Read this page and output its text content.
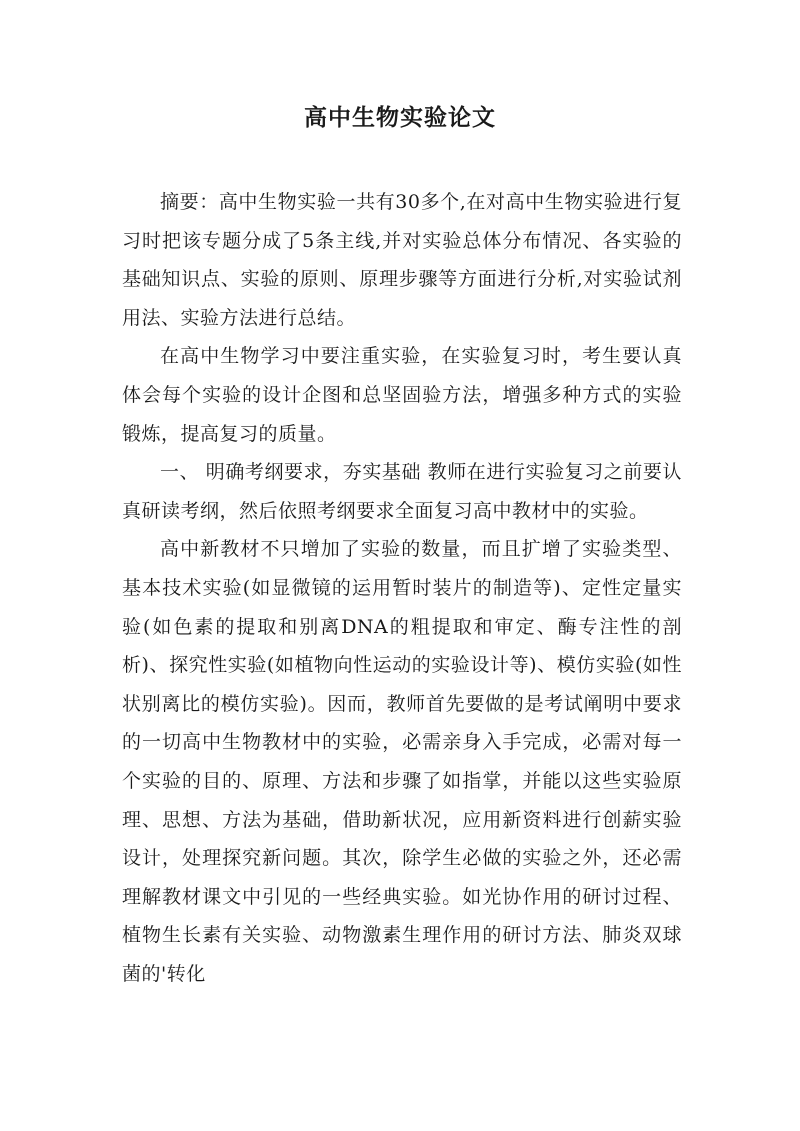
高中生物实验论文

摘要：高中生物实验一共有30多个,在对高中生物实验进行复习时把该专题分成了5条主线,并对实验总体分布情况、各实验的基础知识点、实验的原则、原理步骤等方面进行分析,对实验试剂用法、实验方法进行总结。

在高中生物学习中要注重实验，在实验复习时，考生要认真体会每个实验的设计企图和总坚固验方法，增强多种方式的实验锻炼，提高复习的质量。

一、 明确考纲要求，夯实基础 教师在进行实验复习之前要认真研读考纲，然后依照考纲要求全面复习高中教材中的实验。

高中新教材不只增加了实验的数量，而且扩增了实验类型、基本技术实验(如显微镜的运用暂时装片的制造等)、定性定量实验(如色素的提取和别离DNA的粗提取和审定、酶专注性的剖析)、探究性实验(如植物向性运动的实验设计等)、模仿实验(如性状别离比的模仿实验)。因而，教师首先要做的是考试阐明中要求的一切高中生物教材中的实验，必需亲身入手完成，必需对每一个实验的目的、原理、方法和步骤了如指掌，并能以这些实验原理、思想、方法为基础，借助新状况，应用新资料进行创薪实验设计，处理探究新问题。其次，除学生必做的实验之外，还必需理解教材课文中引见的一些经典实验。如光协作用的研讨过程、植物生长素有关实验、动物激素生理作用的研讨方法、肺炎双球菌的'转化
